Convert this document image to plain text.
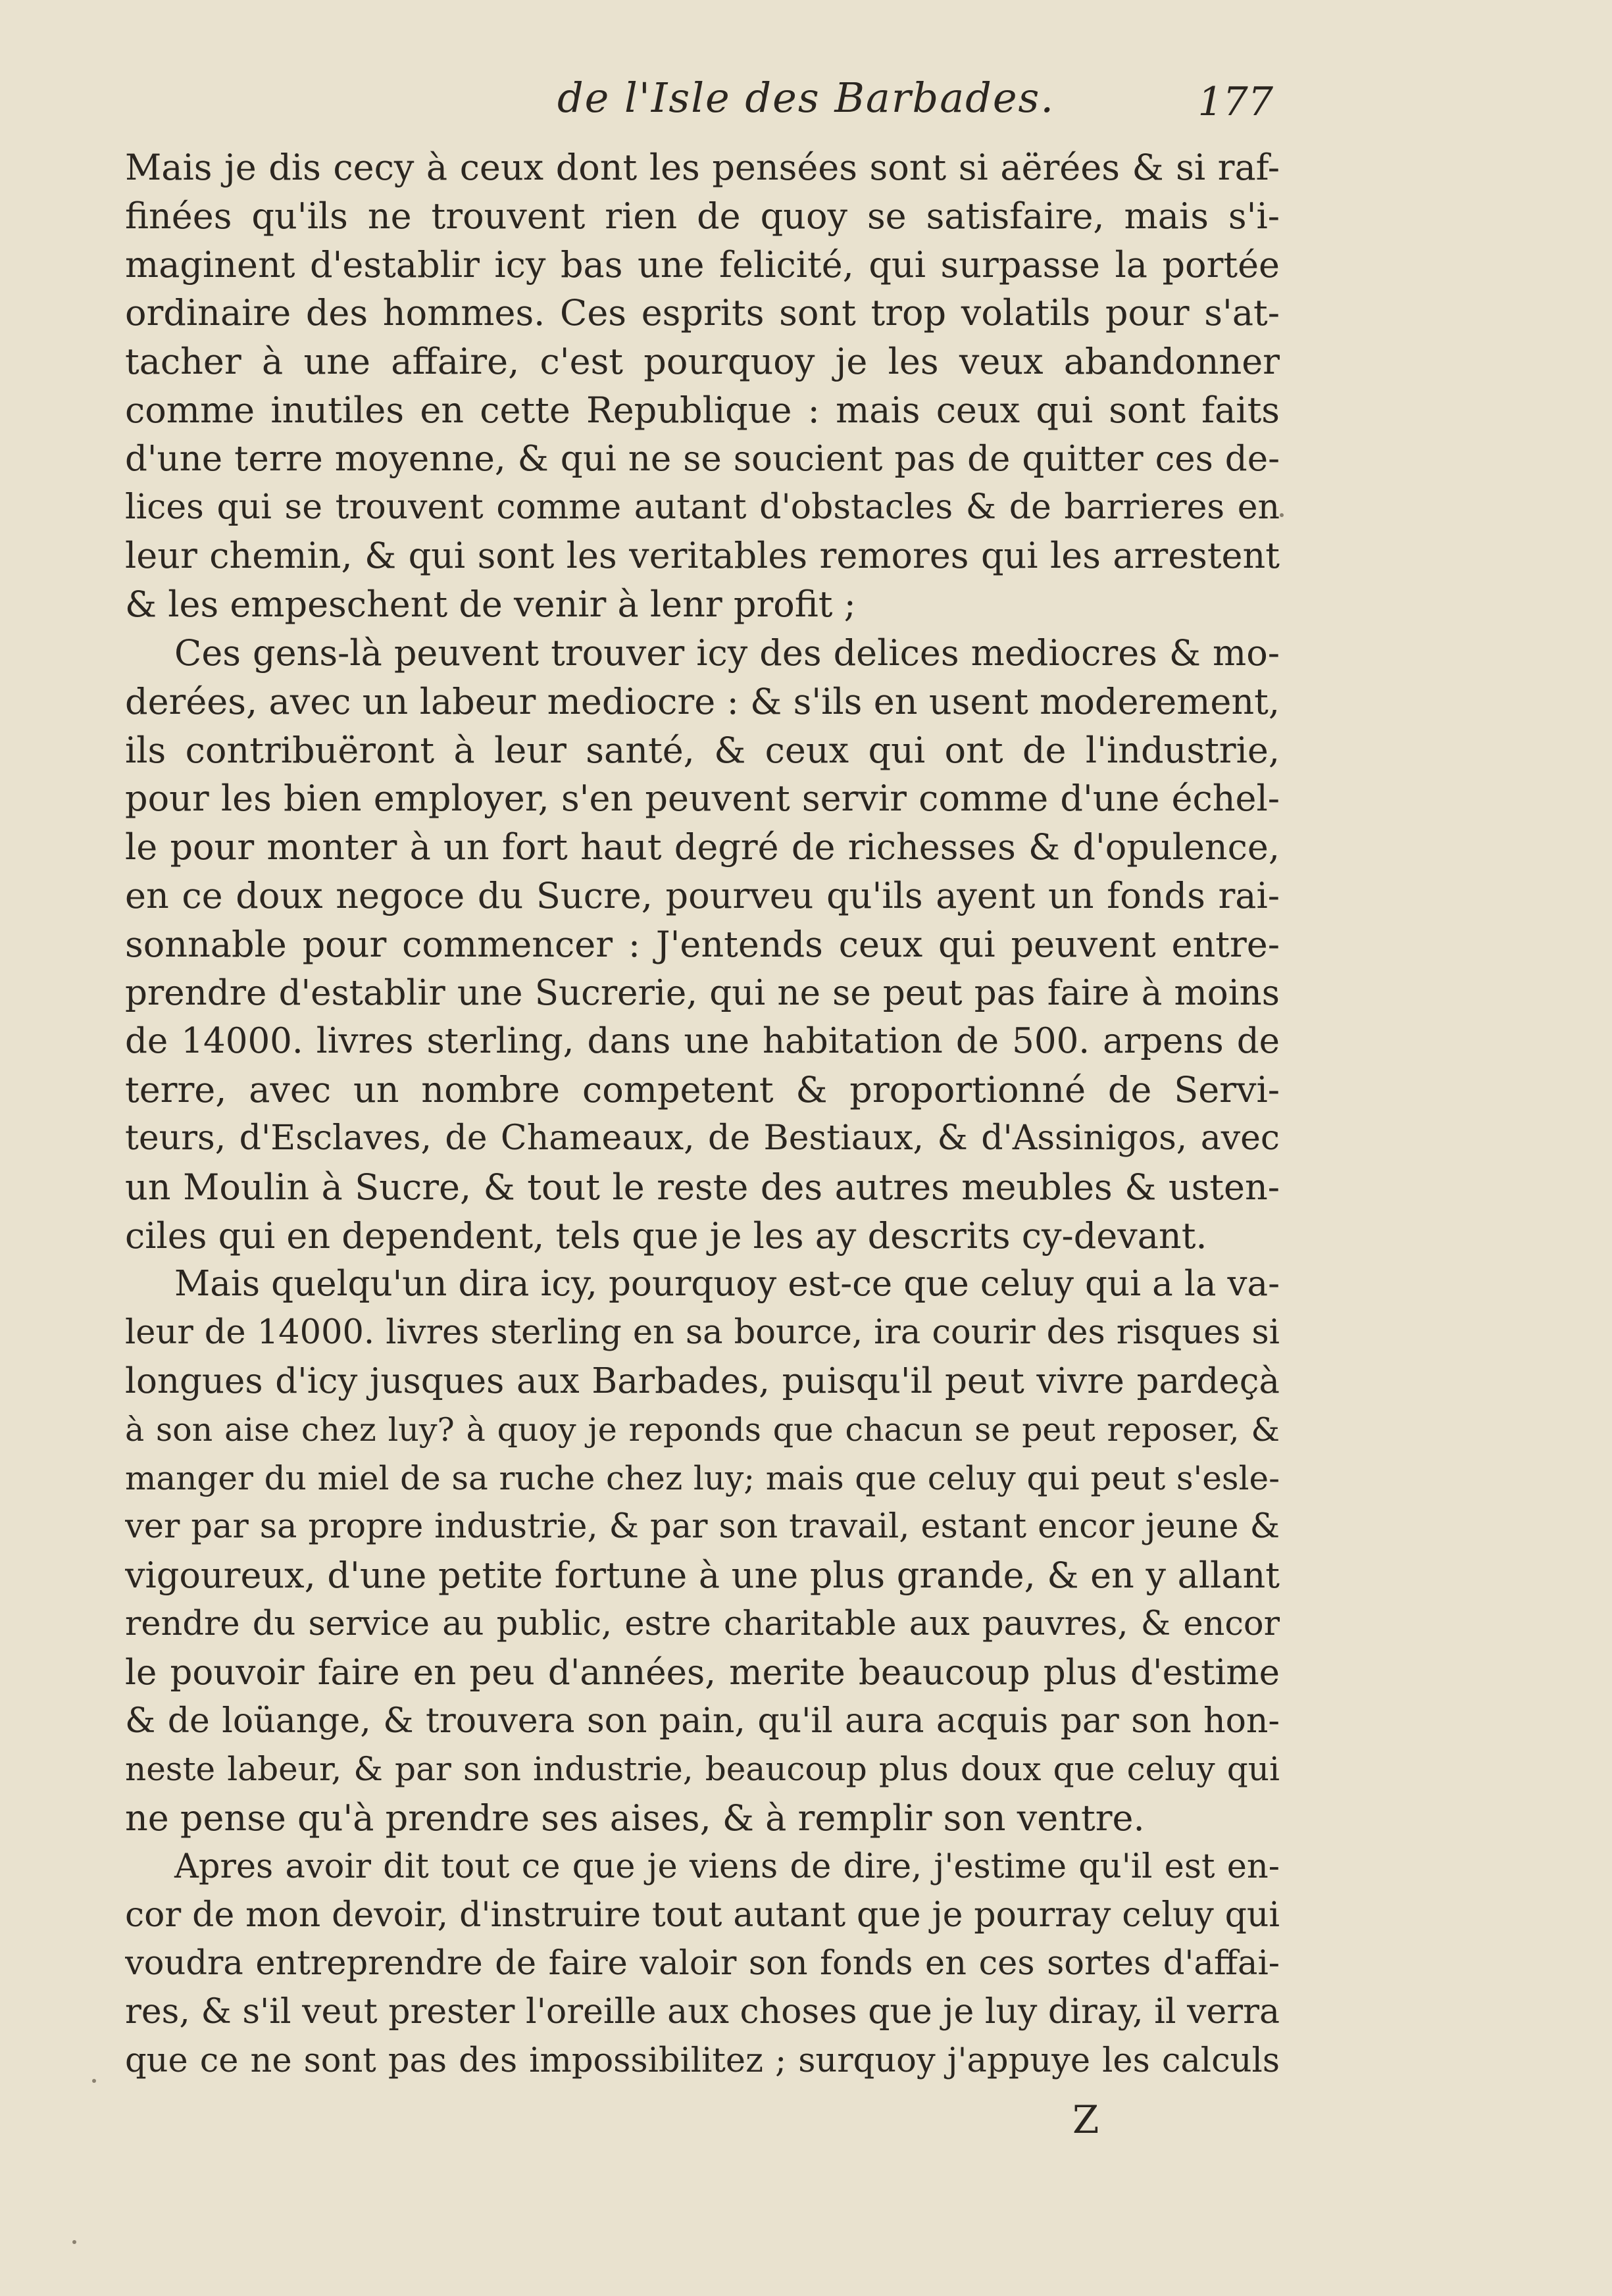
de l'Isle des Barbades.	177
Mais je dis cecy à ceux dont les pensées sont si aërées & si raf-
finées qu'ils ne trouvent rien de quoy se satisfaire, mais s'i-
maginent d'establir icy bas une felicité, qui surpasse la portée
ordinaire des hommes. Ces esprits sont trop volatils pour s'at-
tacher à une affaire, c'est pourquoy je les veux abandonner
comme inutiles en cette Republique : mais ceux qui sont faits
d'une terre moyenne, & qui ne se soucient pas de quitter ces de-
lices qui se trouvent comme autant d'obstacles & de barrieres en
leur chemin, & qui sont les veritables remores qui les arrestent
& les empeschent de venir à lenr profit ;
Ces gens-là peuvent trouver icy des delices mediocres & mo-
derées, avec un labeur mediocre : & s'ils en usent moderement,
ils contribuëront à leur santé, & ceux qui ont de l'industrie,
pour les bien employer, s'en peuvent servir comme d'une échel-
le pour monter à un fort haut degré de richesses & d'opulence,
en ce doux negoce du Sucre, pourveu qu'ils ayent un fonds rai-
sonnable pour commencer : J'entends ceux qui peuvent entre-
prendre d'establir une Sucrerie, qui ne se peut pas faire à moins
de 14000. livres sterling, dans une habitation de 500. arpens de
terre, avec un nombre competent & proportionné de Servi-
teurs, d'Esclaves, de Chameaux, de Bestiaux, & d'Assinigos, avec
un Moulin à Sucre, & tout le reste des autres meubles & usten-
ciles qui en dependent, tels que je les ay descrits cy-devant.
Mais quelqu'un dira icy, pourquoy est-ce que celuy qui a la va-
leur de 14000. livres sterling en sa bource, ira courir des risques si
longues d'icy jusques aux Barbades, puisqu'il peut vivre pardeçà
à son aise chez luy? à quoy je reponds que chacun se peut reposer, &
manger du miel de sa ruche chez luy; mais que celuy qui peut s'esle-
ver par sa propre industrie, & par son travail, estant encor jeune &
vigoureux, d'une petite fortune à une plus grande, & en y allant
rendre du service au public, estre charitable aux pauvres, & encor
le pouvoir faire en peu d'années, merite beaucoup plus d'estime
& de loüange, & trouvera son pain, qu'il aura acquis par son hon-
neste labeur, & par son industrie, beaucoup plus doux que celuy qui
ne pense qu'à prendre ses aises, & à remplir son ventre.
Apres avoir dit tout ce que je viens de dire, j'estime qu'il est en-
cor de mon devoir, d'instruire tout autant que je pourray celuy qui
voudra entreprendre de faire valoir son fonds en ces sortes d'affai-
res, & s'il veut prester l'oreille aux choses que je luy diray, il verra
que ce ne sont pas des impossibilitez ; surquoy j'appuye les calculs
Z
